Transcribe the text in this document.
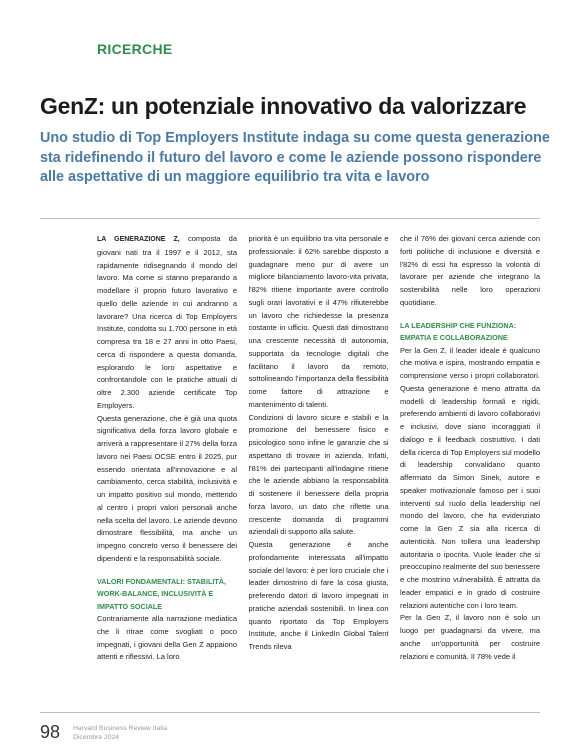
RICERCHE
GenZ: un potenziale innovativo da valorizzare

Uno studio di Top Employers Institute indaga su come questa generazione sta ridefinendo il futuro del lavoro e come le aziende possono rispondere alle aspettative di un maggiore equilibrio tra vita e lavoro

LA GENERAZIONE Z, composta da giovani nati tra il 1997 e il 2012, sta rapidamente ridisegnando il mondo del lavoro. Ma come si stanno preparando a modellare il proprio futuro lavorativo e quello delle aziende in cui andranno a lavorare? Una ricerca di Top Employers Institute, condotta su 1.700 persone in età compresa tra 18 e 27 anni in otto Paesi, cerca di rispondere a questa domanda, esplorando le loro aspettative e confrontandole con le pratiche attuali di oltre 2.300 aziende certificate Top Employers.

Questa generazione, che è già una quota significativa della forza lavoro globale e arriverà a rappresentare il 27% della forza lavoro nei Paesi OCSE entro il 2025, pur essendo orientata all'innovazione e al cambiamento, cerca stabilità, inclusività e un impatto positivo sul mondo, mettendo al centro i propri valori personali anche nella scelta del lavoro. Le aziende devono dimostrare flessibilità, ma anche un impegno concreto verso il benessere dei dipendenti e la responsabilità sociale.

VALORI FONDAMENTALI: STABILITÀ, WORK-BALANCE, INCLUSIVITÀ E IMPATTO SOCIALE

Contrariamente alla narrazione mediatica che li ritrae come svogliati o poco impegnati, i giovani della Gen Z appaiono attenti e riflessivi. La loro

priorità è un equilibrio tra vita personale e professionale: il 62% sarebbe disposto a guadagnare meno pur di avere un migliore bilanciamento lavoro-vita privata, l'82% ritiene importante avere controllo sugli orari lavorativi e il 47% rifiuterebbe un lavoro che richiedesse la presenza costante in ufficio. Questi dati dimostrano una crescente necessità di autonomia, supportata da tecnologie digitali che facilitano il lavoro da remoto, sottolineando l'importanza della flessibilità come fattore di attrazione e mantenimento di talenti.

Condizioni di lavoro sicure e stabili e la promozione del benessere fisico e psicologico sono infine le garanzie che si aspettano di trovare in azienda. Infatti, l'81% dei partecipanti all'indagine ritiene che le aziende abbiano la responsabilità di sostenere il benessere della propria forza lavoro, un dato che riflette una crescente domanda di programmi aziendali di supporto alla salute.

Questa generazione è anche profondamente interessata all'impatto sociale del lavoro: è per loro cruciale che i leader dimostrino di fare la cosa giusta, preferendo datori di lavoro impegnati in pratiche aziendali sostenibili. In linea con quanto riportato da Top Employers Institute, anche il LinkedIn Global Talent Trends rileva

che il 76% dei giovani cerca aziende con forti politiche di inclusione e diversità e l'82% di essi ha espresso la volontà di lavorare per aziende che integrano la sostenibilità nelle loro operazioni quotidiane.

LA LEADERSHIP CHE FUNZIONA: EMPATIA E COLLABORAZIONE

Per la Gen Z, il leader ideale è qualcuno che motiva e ispira, mostrando empatia e comprensione verso i propri collaboratori. Questa generazione è meno attratta da modelli di leadership formali e rigidi, preferendo ambienti di lavoro collaborativi e inclusivi, dove siano incoraggiati il dialogo e il feedback costruttivo. I dati della ricerca di Top Employers sul modello di leadership convalidano quanto affermato da Simon Sinek, autore e speaker motivazionale famoso per i suoi interventi sul ruolo della leadership nel mondo del lavoro, che ha evidenziato come la Gen Z sia alla ricerca di autenticità. Non tollera una leadership autoritaria o ipocrita. Vuole leader che si preoccupino realmente del suo benessere e che mostrino vulnerabilità. È attratta da leader empatici e in grado di costruire relazioni autentiche con i loro team.

Per la Gen Z, il lavoro non è solo un luogo per guadagnarsi da vivere, ma anche un'opportunità per costruire relazioni e comunità. Il 78% vede il

98 Harvard Business Review Italia
Dicembre 2024
